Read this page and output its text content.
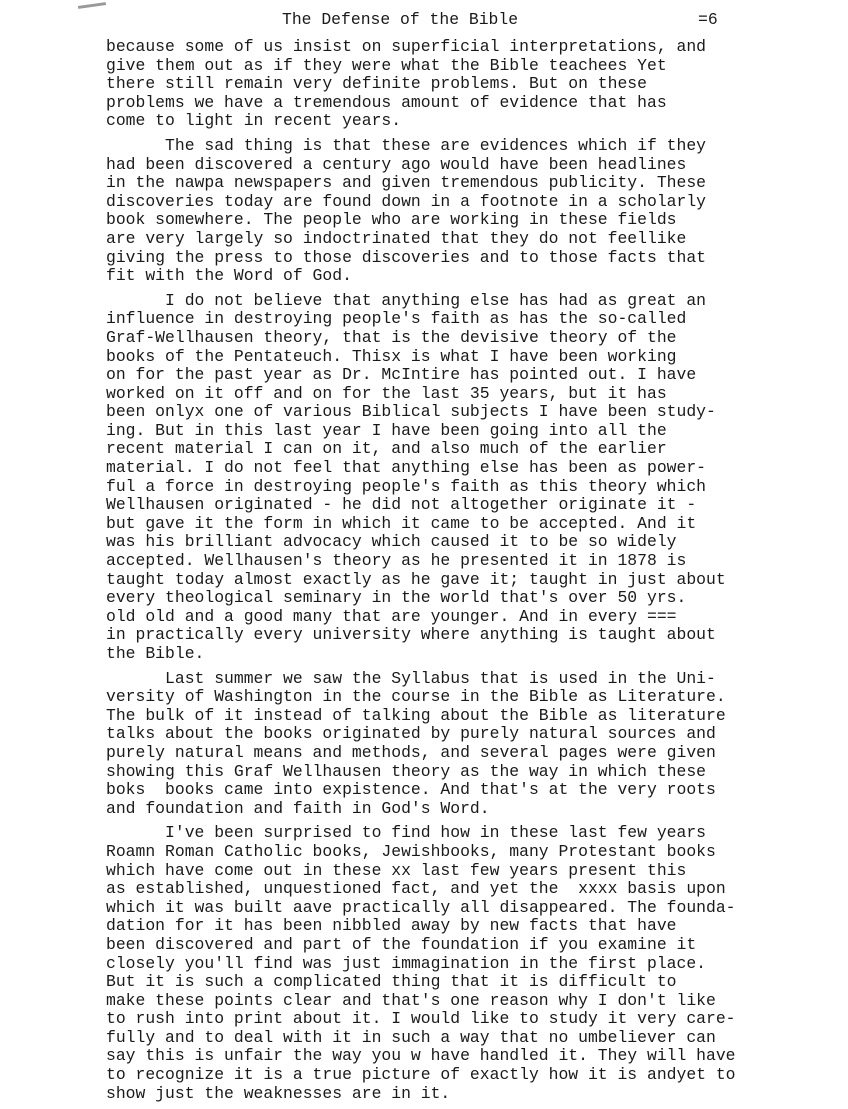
The Defense of the Bible	=6
because some of us insist on superficial interpretations, and
give them out as if they were what the Bible teachees Yet
there still remain very definite problems. But on these
problems we have a tremendous amount of evidence that has
come to light in recent years.
The sad thing is that these are evidences which if they
had been discovered a century ago would have been headlines
in the nawpa newspapers and given tremendous publicity. These
discoveries today are found down in a footnote in a scholarly
book somewhere. The people who are working in these fields
are very largely so indoctrinated that they do not feellike
giving the press to those discoveries and to those facts that
fit with the Word of God.
I do not believe that anything else has had as great an
influence in destroying people's faith as has the so-called
Graf-Wellhausen theory, that is the devisive theory of the
books of the Pentateuch. Thisx is what I have been working
on for the past year as Dr. McIntire has pointed out. I have
worked on it off and on for the last 35 years, but it has
been onlyx one of various Biblical subjects I have been study-
ing. But in this last year I have been going into all the
recent material I can on it, and also much of the earlier
material. I do not feel that anything else has been as power-
ful a force in destroying people's faith as this theory which
Wellhausen originated - he did not altogether originate it -
but gave it the form in which it came to be accepted. And it
was his brilliant advocacy which caused it to be so widely
accepted. Wellhausen's theory as he presented it in 1878 is
taught today almost exactly as he gave it; taught in just about
every theological seminary in the world that's over 50 yrs.
old old and a good many that are younger. And in every ===
in practically every university where anything is taught about
the Bible.
Last summer we saw the Syllabus that is used in the Uni-
versity of Washington in the course in the Bible as Literature.
The bulk of it instead of talking about the Bible as literature
talks about the books originated by purely natural sources and
purely natural means and methods, and several pages were given
showing this Graf Wellhausen theory as the way in which these
boks  books came into expistence. And that's at the very roots
and foundation and faith in God's Word.
I've been surprised to find how in these last few years
Roamn Roman Catholic books, Jewishbooks, many Protestant books
which have come out in these xx last few years present this
as established, unquestioned fact, and yet the  xxxx basis upon
which it was built aave practically all disappeared. The founda-
dation for it has been nibbled away by new facts that have
been discovered and part of the foundation if you examine it
closely you'll find was just immagination in the first place.
But it is such a complicated thing that it is difficult to
make these points clear and that's one reason why I don't like
to rush into print about it. I would like to study it very care-
fully and to deal with it in such a way that no umbeliever can
say this is unfair the way you w have handled it. They will have
to recognize it is a true picture of exactly how it is andyet to
show just the weaknesses are in it.
